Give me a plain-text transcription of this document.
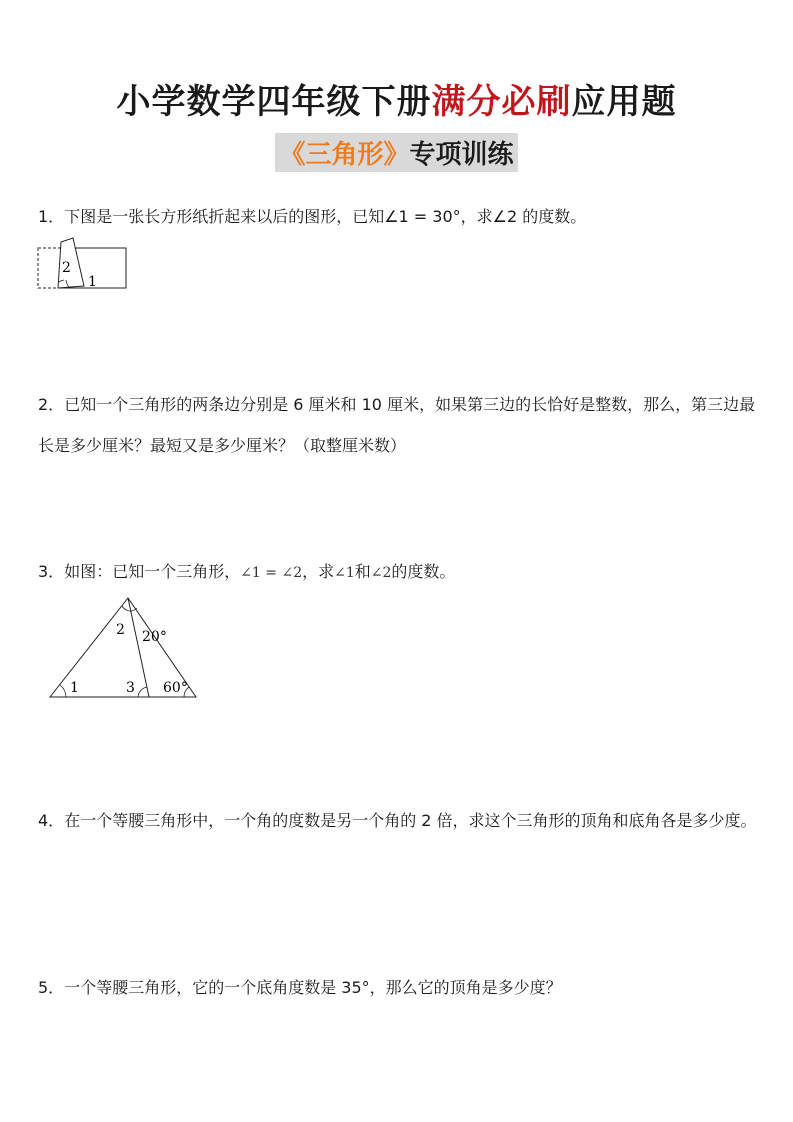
小学数学四年级下册满分必刷应用题
《三角形》专项训练
1．下图是一张长方形纸折起来以后的图形，已知∠1 = 30°，求∠2 的度数。
2
1
2．已知一个三角形的两条边分别是 6 厘米和 10 厘米，如果第三边的长恰好是整数，那么，第三边最长是多少厘米？最短又是多少厘米？（取整厘米数）
3．如图：已知一个三角形，∠1 = ∠2，求∠1和∠2的度数。
2 20°
1	3 60°
4．在一个等腰三角形中，一个角的度数是另一个角的 2 倍，求这个三角形的顶角和底角各是多少度。
5．一个等腰三角形，它的一个底角度数是 35°，那么它的顶角是多少度？
